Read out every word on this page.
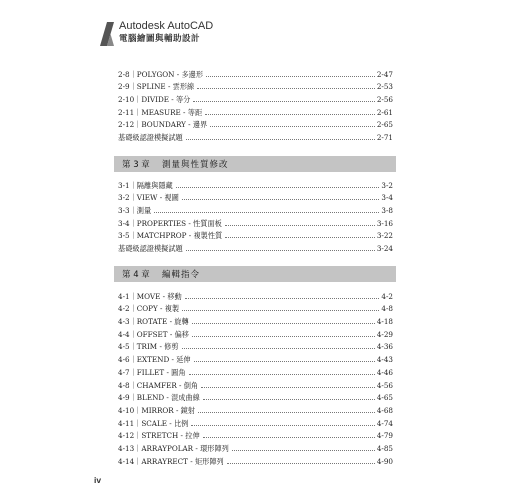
Autodesk AutoCAD
電腦繪圖與輔助設計
2-8｜POLYGON - 多邊形	2-47
2-9｜SPLINE - 雲形線	2-53
2-10｜DIVIDE - 等分	2-56
2-11｜MEASURE - 等距	2-61
2-12｜BOUNDARY - 邊界	2-65
基礎級認證模擬試題	2-71
第 3 章	測量與性質修改
3-1｜隔離與隱藏	3-2
3-2｜VIEW - 視圖	3-4
3-3｜測量	3-8
3-4｜PROPERTIES - 性質面板	3-16
3-5｜MATCHPROP - 複製性質	3-22
基礎級認證模擬試題	3-24
第 4 章	編輯指令
4-1｜MOVE - 移動	4-2
4-2｜COPY - 複製	4-8
4-3｜ROTATE - 旋轉	4-18
4-4｜OFFSET - 偏移	4-29
4-5｜TRIM - 修剪	4-36
4-6｜EXTEND - 延伸	4-43
4-7｜FILLET - 圓角	4-46
4-8｜CHAMFER - 倒角	4-56
4-9｜BLEND - 混成曲線	4-65
4-10｜MIRROR - 鏡射	4-68
4-11｜SCALE - 比例	4-74
4-12｜STRETCH - 拉伸	4-79
4-13｜ARRAYPOLAR - 環形陣列	4-85
4-14｜ARRAYRECT - 矩形陣列	4-90
iv
